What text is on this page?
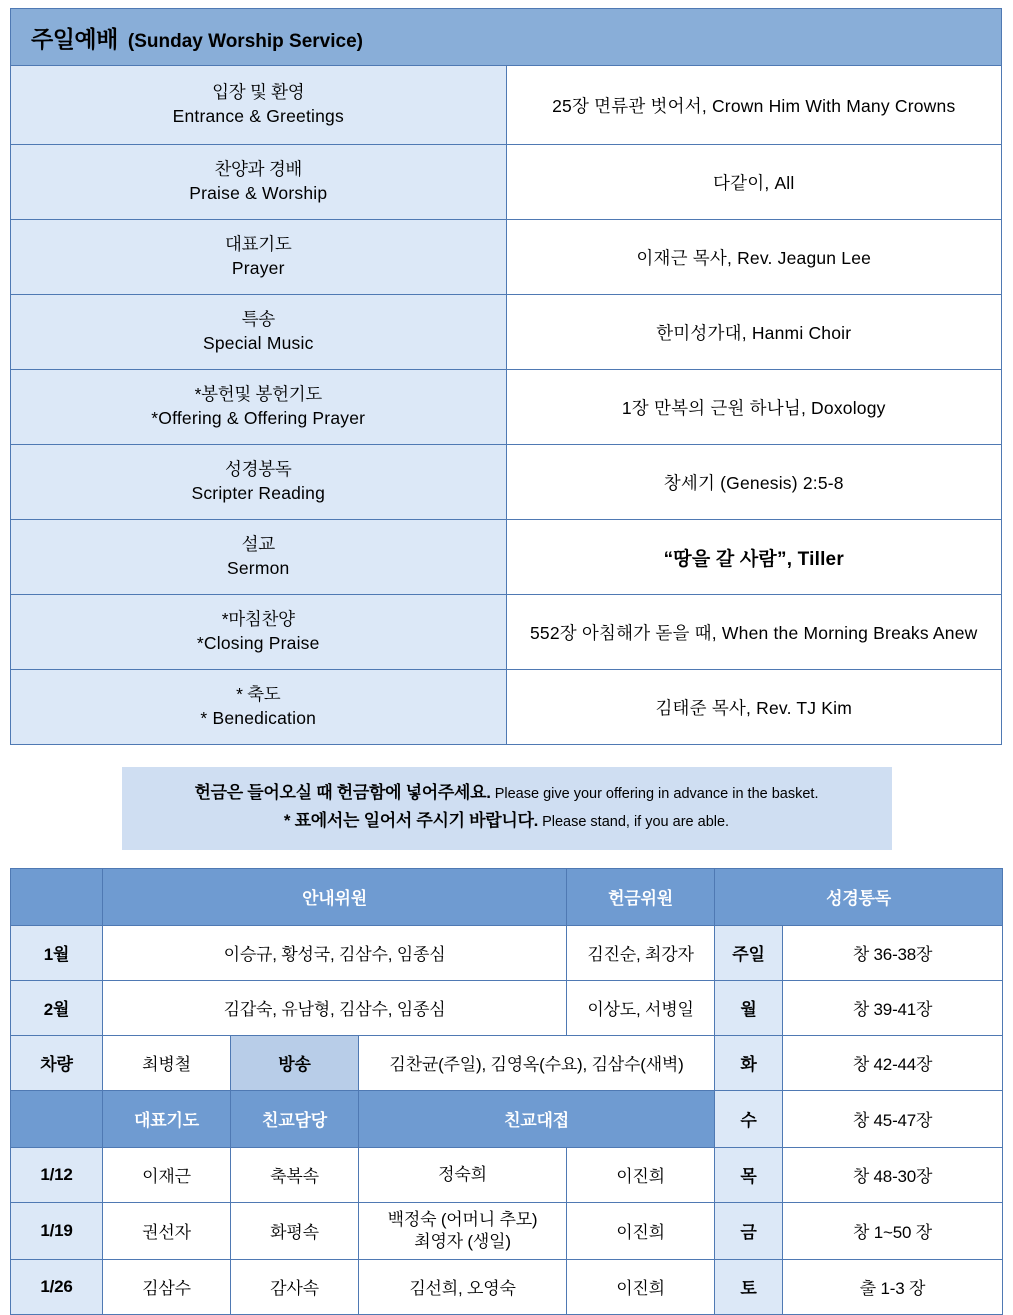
주일예배 (Sunday Worship Service)	

입장 및 환영
Entrance & Greetings	25장 면류관 벗어서, Crown Him With Many Crowns

찬양과 경배
Praise & Worship	다같이, All

대표기도
Prayer	이재근 목사, Rev. Jeagun Lee

특송
Special Music	한미성가대, Hanmi Choir

*봉헌및 봉헌기도
*Offering & Offering Prayer	1장 만복의 근원 하나님, Doxology

성경봉독
Scripter Reading	창세기 (Genesis) 2:5-8

설교
Sermon	“땅을 갈 사람”, Tiller

*마침찬양
*Closing Praise	552장 아침해가 돋을 때, When the Morning Breaks Anew

* 축도
* Benedication	김태준 목사, Rev. TJ Kim
헌금은 들어오실 때 헌금함에 넣어주세요. Please give your offering in advance in the basket.
* 표에서는 일어서 주시기 바랍니다. Please stand, if you are able.
	안내위원			헌금위원	성경통독	
1월	이승규, 황성국, 김삼수, 임종심			김진순, 최강자	주일	창 36-38장
2월	김갑숙, 유남형, 김삼수, 임종심			이상도, 서병일	월	창 39-41장
차량	최병철	방송	김찬균(주일), 김영옥(수요), 김삼수(새벽)		화	창 42-44장
	대표기도	친교담당	친교대접		수	창 45-47장
1/12	이재근	축복속	정숙희	이진희	목	창 48-30장
1/19	권선자	화평속	백정숙 (어머니 추모)
최영자 (생일)	이진희	금	창 1~50 장
1/26	김삼수	감사속	김선희, 오영숙	이진희	토	출 1-3 장
